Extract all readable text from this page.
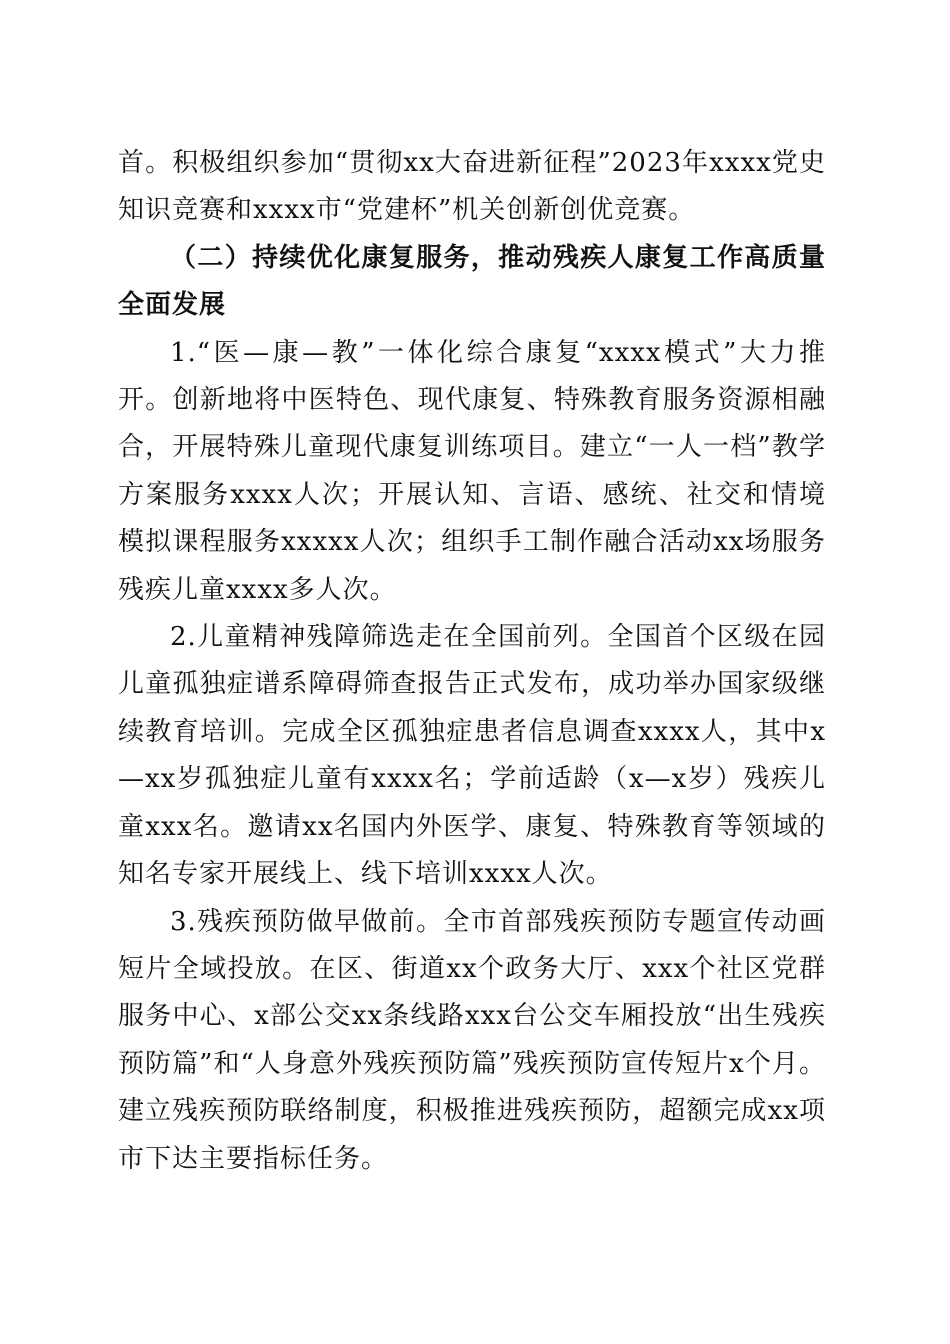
首。积极组织参加“贯彻xx大奋进新征程”2023年xxxx党史知识竞赛和xxxx市“党建杯”机关创新创优竞赛。

（二）持续优化康复服务，推动残疾人康复工作高质量全面发展

1.“医—康—教”一体化综合康复“xxxx模式”大力推开。创新地将中医特色、现代康复、特殊教育服务资源相融合，开展特殊儿童现代康复训练项目。建立“一人一档”教学方案服务xxxx人次；开展认知、言语、感统、社交和情境模拟课程服务xxxxx人次；组织手工制作融合活动xx场服务残疾儿童xxxx多人次。

2.儿童精神残障筛选走在全国前列。全国首个区级在园儿童孤独症谱系障碍筛查报告正式发布，成功举办国家级继续教育培训。完成全区孤独症患者信息调查xxxx人，其中x—xx岁孤独症儿童有xxxx名；学前适龄（x—x岁）残疾儿童xxx名。邀请xx名国内外医学、康复、特殊教育等领域的知名专家开展线上、线下培训xxxx人次。

3.残疾预防做早做前。全市首部残疾预防专题宣传动画短片全域投放。在区、街道xx个政务大厅、xxx个社区党群服务中心、x部公交xx条线路xxx台公交车厢投放“出生残疾预防篇”和“人身意外残疾预防篇”残疾预防宣传短片x个月。建立残疾预防联络制度，积极推进残疾预防，超额完成xx项市下达主要指标任务。
